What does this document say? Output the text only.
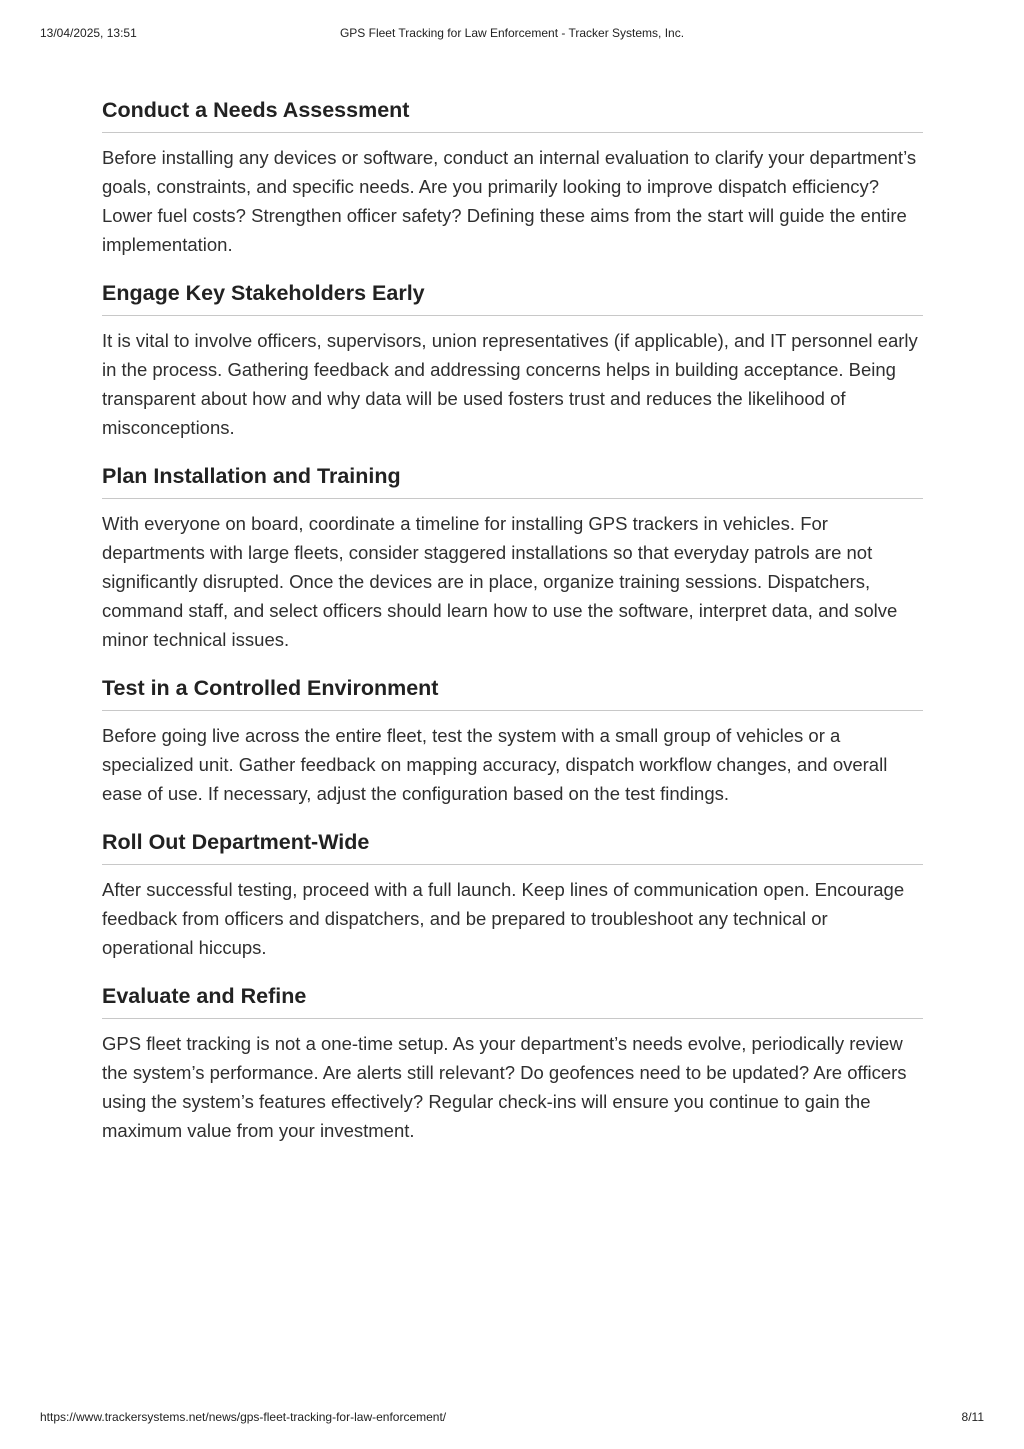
13/04/2025, 13:51	GPS Fleet Tracking for Law Enforcement - Tracker Systems, Inc.
Conduct a Needs Assessment

Before installing any devices or software, conduct an internal evaluation to clarify your department’s goals, constraints, and specific needs. Are you primarily looking to improve dispatch efficiency? Lower fuel costs? Strengthen officer safety? Defining these aims from the start will guide the entire implementation.

Engage Key Stakeholders Early

It is vital to involve officers, supervisors, union representatives (if applicable), and IT personnel early in the process. Gathering feedback and addressing concerns helps in building acceptance. Being transparent about how and why data will be used fosters trust and reduces the likelihood of misconceptions.

Plan Installation and Training

With everyone on board, coordinate a timeline for installing GPS trackers in vehicles. For departments with large fleets, consider staggered installations so that everyday patrols are not significantly disrupted. Once the devices are in place, organize training sessions. Dispatchers, command staff, and select officers should learn how to use the software, interpret data, and solve minor technical issues.

Test in a Controlled Environment

Before going live across the entire fleet, test the system with a small group of vehicles or a specialized unit. Gather feedback on mapping accuracy, dispatch workflow changes, and overall ease of use. If necessary, adjust the configuration based on the test findings.

Roll Out Department-Wide

After successful testing, proceed with a full launch. Keep lines of communication open. Encourage feedback from officers and dispatchers, and be prepared to troubleshoot any technical or operational hiccups.

Evaluate and Refine

GPS fleet tracking is not a one-time setup. As your department’s needs evolve, periodically review the system’s performance. Are alerts still relevant? Do geofences need to be updated? Are officers using the system’s features effectively? Regular check-ins will ensure you continue to gain the maximum value from your investment.

https://www.trackersystems.net/news/gps-fleet-tracking-for-law-enforcement/	8/11
